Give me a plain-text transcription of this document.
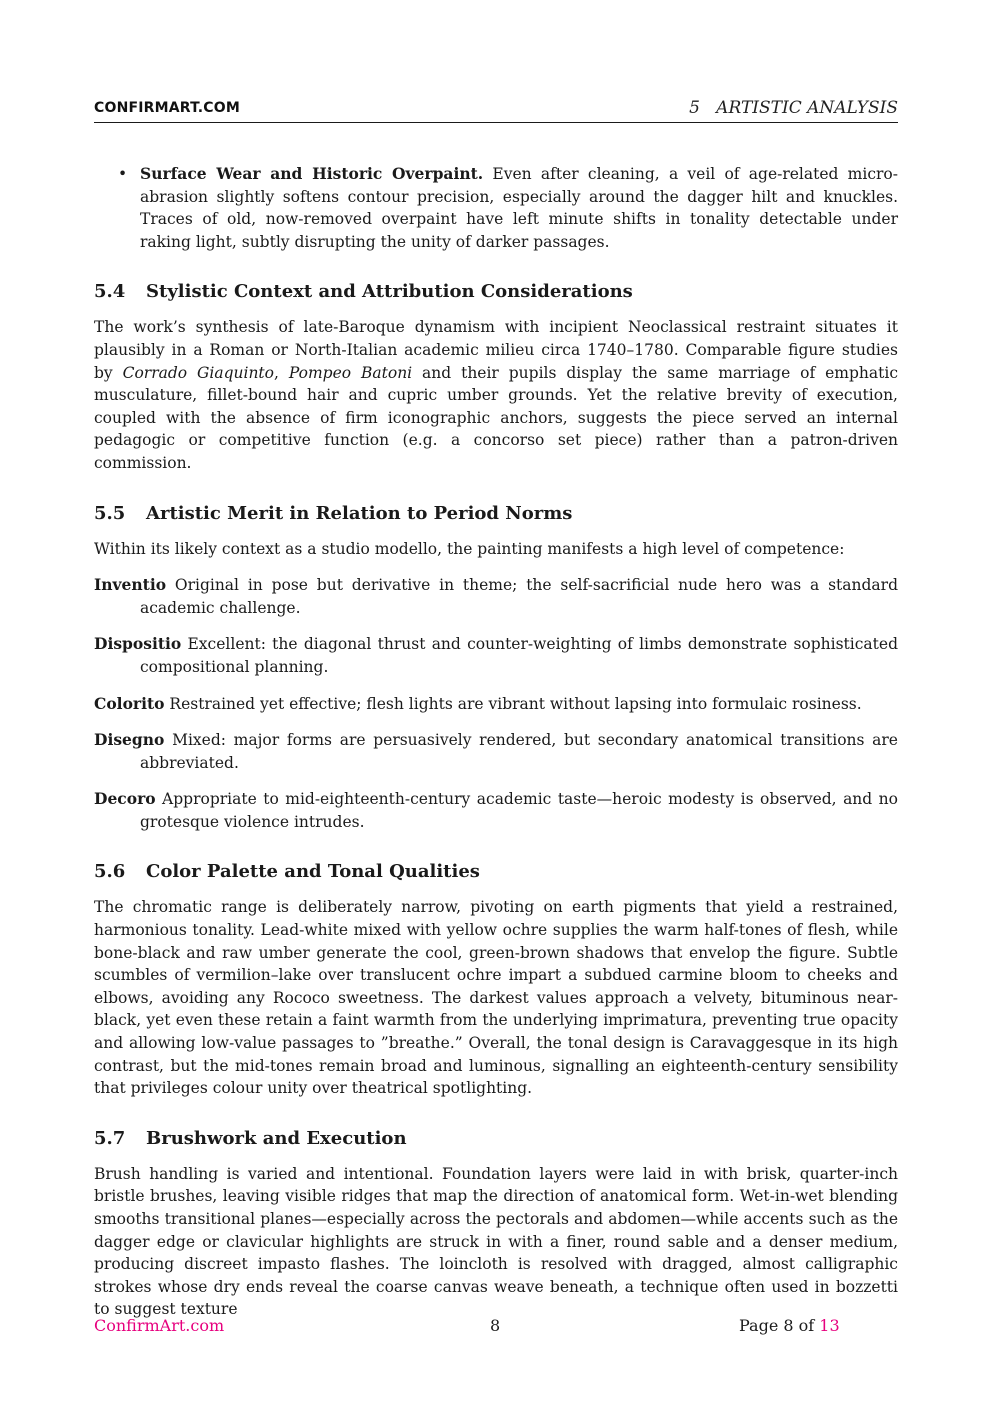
CONFIRMART.COM	5   ARTISTIC ANALYSIS
• Surface Wear and Historic Overpaint. Even after cleaning, a veil of age-related micro-abrasion slightly softens contour precision, especially around the dagger hilt and knuckles. Traces of old, now-removed overpaint have left minute shifts in tonality detectable under raking light, subtly disrupting the unity of darker passages.
5.4 Stylistic Context and Attribution Considerations

The work’s synthesis of late-Baroque dynamism with incipient Neoclassical restraint situates it plausibly in a Roman or North-Italian academic milieu circa 1740–1780. Comparable figure studies by Corrado Giaquinto, Pompeo Batoni and their pupils display the same marriage of emphatic musculature, fillet-bound hair and cupric umber grounds. Yet the relative brevity of execution, coupled with the absence of firm iconographic anchors, suggests the piece served an internal pedagogic or competitive function (e.g. a concorso set piece) rather than a patron-driven commission.

5.5 Artistic Merit in Relation to Period Norms

Within its likely context as a studio modello, the painting manifests a high level of competence:

Inventio Original in pose but derivative in theme; the self-sacrificial nude hero was a standard academic challenge.
Dispositio Excellent: the diagonal thrust and counter-weighting of limbs demonstrate sophisticated compositional planning.
Colorito Restrained yet effective; flesh lights are vibrant without lapsing into formulaic rosiness.
Disegno Mixed: major forms are persuasively rendered, but secondary anatomical transitions are abbreviated.
Decoro Appropriate to mid-eighteenth-century academic taste—heroic modesty is observed, and no grotesque violence intrudes.
5.6 Color Palette and Tonal Qualities

The chromatic range is deliberately narrow, pivoting on earth pigments that yield a restrained, harmonious tonality. Lead-white mixed with yellow ochre supplies the warm half-tones of flesh, while bone-black and raw umber generate the cool, green-brown shadows that envelop the figure. Subtle scumbles of vermilion–lake over translucent ochre impart a subdued carmine bloom to cheeks and elbows, avoiding any Rococo sweetness. The darkest values approach a velvety, bituminous near-black, yet even these retain a faint warmth from the underlying imprimatura, preventing true opacity and allowing low-value passages to ”breathe.” Overall, the tonal design is Caravaggesque in its high contrast, but the mid-tones remain broad and luminous, signalling an eighteenth-century sensibility that privileges colour unity over theatrical spotlighting.

5.7 Brushwork and Execution

Brush handling is varied and intentional. Foundation layers were laid in with brisk, quarter-inch bristle brushes, leaving visible ridges that map the direction of anatomical form. Wet-in-wet blending smooths transitional planes—especially across the pectorals and abdomen—while accents such as the dagger edge or clavicular highlights are struck in with a finer, round sable and a denser medium, producing discreet impasto flashes. The loincloth is resolved with dragged, almost calligraphic strokes whose dry ends reveal the coarse canvas weave beneath, a technique often used in bozzetti to suggest texture

ConfirmArt.com	8	Page 8 of 13
